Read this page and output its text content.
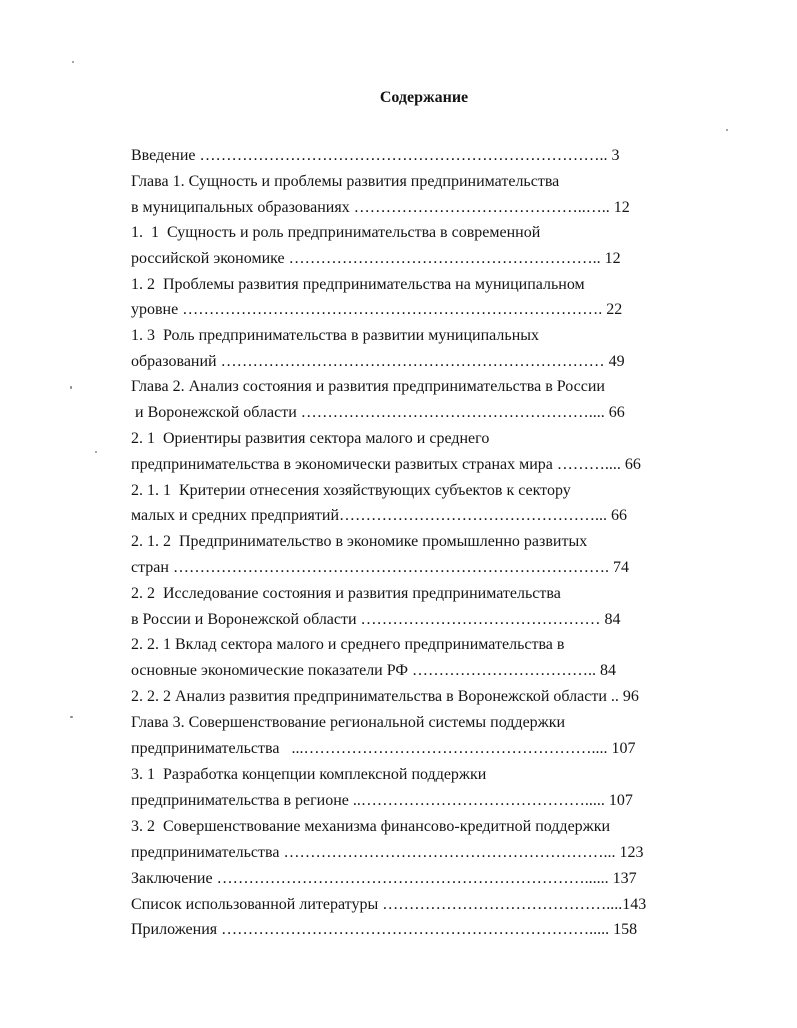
Содержание
Введение ………………………………………………………………….. 3
Глава 1. Сущность и проблемы развития предпринимательства
в муниципальных образованиях ……………………………………..….. 12
1.  1  Сущность и роль предпринимательства в современной
российской экономике ………………………………………………….. 12
1. 2  Проблемы развития предпринимательства на муниципальном
уровне ……………………………………………………………………. 22
1. 3  Роль предпринимательства в развитии муниципальных
образований ……………………………………………………………… 49
Глава 2. Анализ состояния и развития предпринимательства в России
и Воронежской области ……………………………………………….... 66
2. 1  Ориентиры развития сектора малого и среднего
предпринимательства в экономически развитых странах мира ……….... 66
2. 1. 1  Критерии отнесения хозяйствующих субъектов к сектору
малых и средних предприятий…………………………………………... 66
2. 1. 2  Предпринимательство в экономике промышленно развитых
стран ………………………………………………………………………. 74
2. 2  Исследование состояния и развития предпринимательства
в России и Воронежской области ……………………………………… 84
2. 2. 1 Вклад сектора малого и среднего предпринимательства в
основные экономические показатели РФ …………………………….. 84
2. 2. 2 Анализ развития предпринимательства в Воронежской области .. 96
Глава 3. Совершенствование региональной системы поддержки
предпринимательства   ...……………………………………………….... 107
3. 1  Разработка концепции комплексной поддержки
предпринимательства в регионе ..……………………………………..... 107
3. 2  Совершенствование механизма финансово-кредитной поддержки
предпринимательства ……………………………………………………... 123
Заключение ……………………………………………………………...... 137
Список использованной литературы ……………………………………....143
Приложения ……………………………………………………………..... 158
